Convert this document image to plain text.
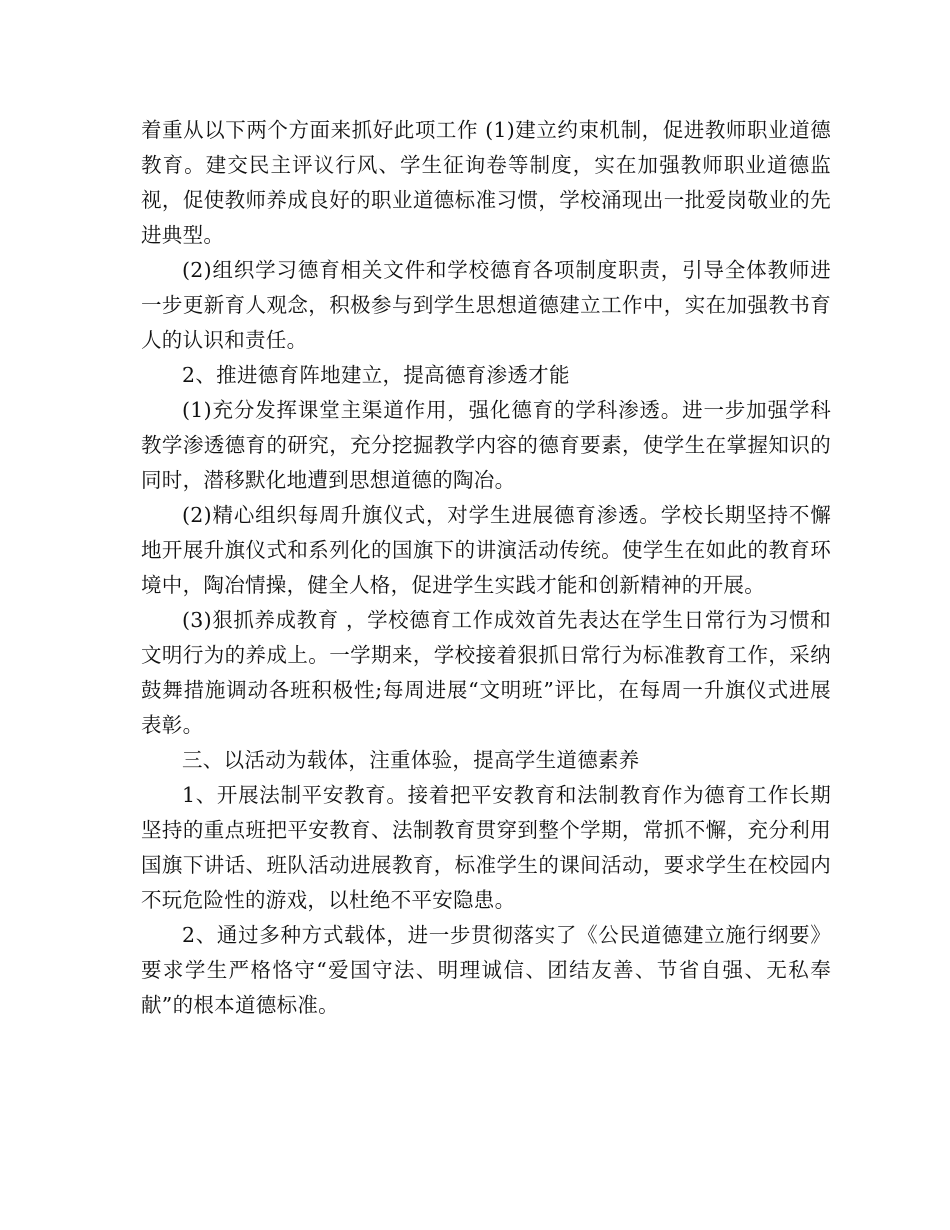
着重从以下两个方面来抓好此项工作 (1)建立约束机制，促进教师职业道德教育。建交民主评议行风、学生征询卷等制度，实在加强教师职业道德监视，促使教师养成良好的职业道德标准习惯，学校涌现出一批爱岗敬业的先进典型。

(2)组织学习德育相关文件和学校德育各项制度职责，引导全体教师进一步更新育人观念，积极参与到学生思想道德建立工作中，实在加强教书育人的认识和责任。

2、推进德育阵地建立，提高德育渗透才能

(1)充分发挥课堂主渠道作用，强化德育的学科渗透。进一步加强学科教学渗透德育的研究，充分挖掘教学内容的德育要素，使学生在掌握知识的同时，潜移默化地遭到思想道德的陶冶。

(2)精心组织每周升旗仪式，对学生进展德育渗透。学校长期坚持不懈地开展升旗仪式和系列化的国旗下的讲演活动传统。使学生在如此的教育环境中，陶冶情操，健全人格，促进学生实践才能和创新精神的开展。

(3)狠抓养成教育 ，学校德育工作成效首先表达在学生日常行为习惯和文明行为的养成上。一学期来，学校接着狠抓日常行为标准教育工作，采纳鼓舞措施调动各班积极性;每周进展“文明班”评比，在每周一升旗仪式进展表彰。

三、以活动为载体，注重体验，提高学生道德素养

1、开展法制平安教育。接着把平安教育和法制教育作为德育工作长期坚持的重点班把平安教育、法制教育贯穿到整个学期，常抓不懈，充分利用国旗下讲话、班队活动进展教育，标准学生的课间活动，要求学生在校园内不玩危险性的游戏，以杜绝不平安隐患。

2、通过多种方式载体，进一步贯彻落实了《公民道德建立施行纲要》要求学生严格恪守“爱国守法、明理诚信、团结友善、节省自强、无私奉献”的根本道德标准。
